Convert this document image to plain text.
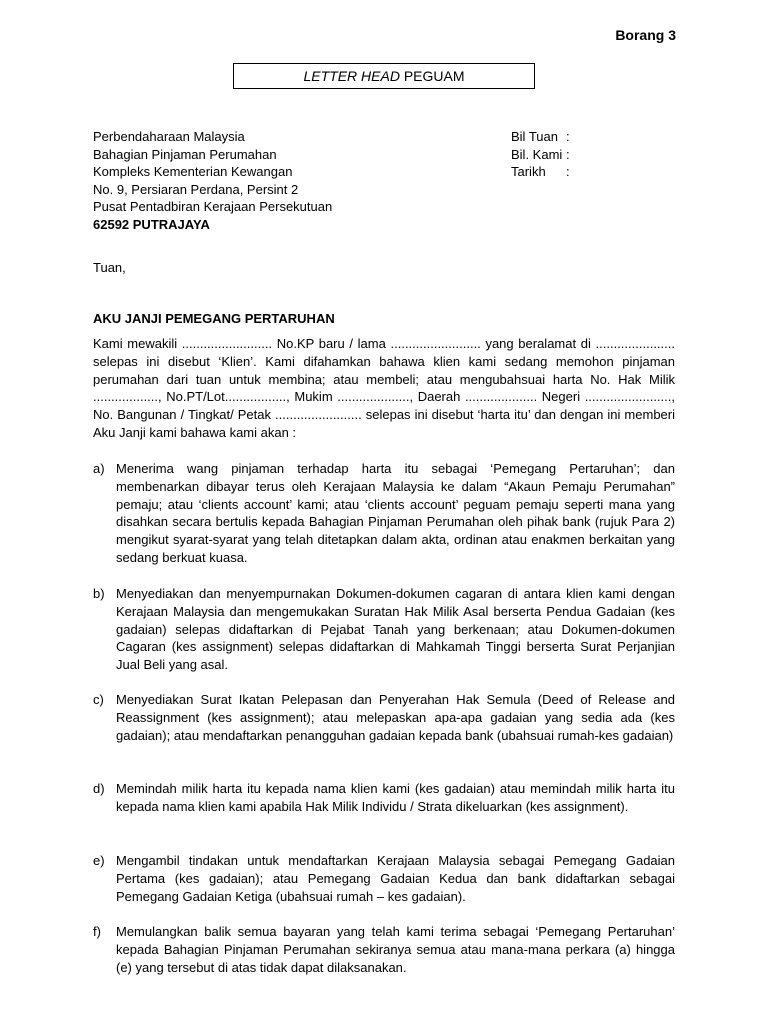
Borang 3
LETTER HEAD PEGUAM
Perbendaharaan Malaysia
Bahagian Pinjaman Perumahan
Kompleks Kementerian Kewangan
No. 9, Persiaran Perdana, Persint 2
Pusat Pentadbiran Kerajaan Persekutuan
62592 PUTRAJAYA
Bil Tuan :
Bil. Kami :
Tarikh	:
Tuan,
AKU JANJI PEMEGANG PERTARUHAN
Kami mewakili ......................... No.KP baru / lama ......................... yang beralamat di ...................... selepas ini disebut ‘Klien’. Kami difahamkan bahawa klien kami sedang memohon pinjaman perumahan dari tuan untuk membina; atau membeli; atau mengubahsuai harta No. Hak Milik .................., No.PT/Lot................., Mukim ...................., Daerah .................... Negeri ........................, No. Bangunan / Tingkat/ Petak ........................ selepas ini disebut ‘harta itu’ dan dengan ini memberi Aku Janji kami bahawa kami akan :
a) Menerima wang pinjaman terhadap harta itu sebagai ‘Pemegang Pertaruhan’; dan membenarkan dibayar terus oleh Kerajaan Malaysia ke dalam “Akaun Pemaju Perumahan” pemaju; atau ‘clients account’ kami; atau ‘clients account’ peguam pemaju seperti mana yang disahkan secara bertulis kepada Bahagian Pinjaman Perumahan oleh pihak bank (rujuk Para 2) mengikut syarat-syarat yang telah ditetapkan dalam akta, ordinan atau enakmen berkaitan yang sedang berkuat kuasa.
b) Menyediakan dan menyempurnakan Dokumen-dokumen cagaran di antara klien kami dengan Kerajaan Malaysia dan mengemukakan Suratan Hak Milik Asal berserta Pendua Gadaian (kes gadaian) selepas didaftarkan di Pejabat Tanah yang berkenaan; atau Dokumen-dokumen Cagaran (kes assignment) selepas didaftarkan di Mahkamah Tinggi berserta Surat Perjanjian Jual Beli yang asal.
c) Menyediakan Surat Ikatan Pelepasan dan Penyerahan Hak Semula (Deed of Release and Reassignment (kes assignment); atau melepaskan apa-apa gadaian yang sedia ada (kes gadaian); atau mendaftarkan penangguhan gadaian kepada bank (ubahsuai rumah-kes gadaian)
d) Memindah milik harta itu kepada nama klien kami (kes gadaian) atau memindah milik harta itu kepada nama klien kami apabila Hak Milik Individu / Strata dikeluarkan (kes assignment).
e) Mengambil tindakan untuk mendaftarkan Kerajaan Malaysia sebagai Pemegang Gadaian Pertama (kes gadaian); atau Pemegang Gadaian Kedua dan bank didaftarkan sebagai Pemegang Gadaian Ketiga (ubahsuai rumah – kes gadaian).
f)	Memulangkan balik semua bayaran yang telah kami terima sebagai ‘Pemegang Pertaruhan’ kepada Bahagian Pinjaman Perumahan sekiranya semua atau mana-mana perkara (a) hingga (e) yang tersebut di atas tidak dapat dilaksanakan.
